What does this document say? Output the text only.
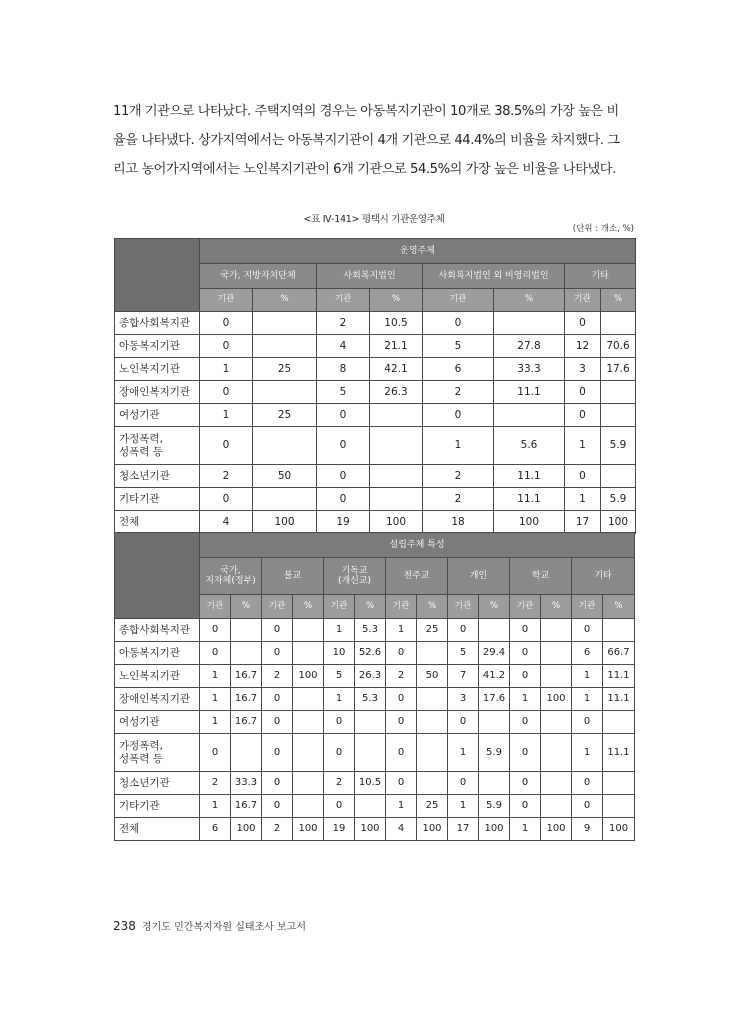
11개 기관으로 나타났다. 주택지역의 경우는 아동복지기관이 10개로 38.5%의 가장 높은 비
율을 나타냈다. 상가지역에서는 아동복지기관이 4개 기관으로 44.4%의 비율을 차지했다. 그
리고 농어가지역에서는 노인복지기관이 6개 기관으로 54.5%의 가장 높은 비율을 나타냈다.
<표 Ⅳ-141> 평택시 기관운영주체
(단위 : 개소, %)
	운영주체							
	국가, 지방자치단체		사회복지법인		사회복지법인 외 비영리법인		기타	
	기관	%	기관	%	기관	%	기관	%
종합사회복지관	0		2	10.5	0		0	
아동복지기관	0		4	21.1	5	27.8	12	70.6
노인복지기관	1	25	8	42.1	6	33.3	3	17.6
장애인복지기관	0		5	26.3	2	11.1	0	
여성기관	1	25	0		0		0	
가정폭력,
성폭력 등	0		0		1	5.6	1	5.9
청소년기관	2	50	0		2	11.1	0	
기타기관	0		0		2	11.1	1	5.9
전체	4	100	19	100	18	100	17	100
	설립주체 특성													
	국가,
지자체(정부)		불교		기독교
(개신교)		천주교		개인		학교		기타	
	기관	%	기관	%	기관	%	기관	%	기관	%	기관	%	기관	%
종합사회복지관	0		0		1	5.3	1	25	0		0		0	
아동복지기관	0		0		10	52.6	0		5	29.4	0		6	66.7
노인복지기관	1	16.7	2	100	5	26.3	2	50	7	41.2	0		1	11.1
장애인복지기관	1	16.7	0		1	5.3	0		3	17.6	1	100	1	11.1
여성기관	1	16.7	0		0		0		0		0		0	
가정폭력,
성폭력 등	0		0		0		0		1	5.9	0		1	11.1
청소년기관	2	33.3	0		2	10.5	0		0		0		0	
기타기관	1	16.7	0		0		1	25	1	5.9	0		0	
전체	6	100	2	100	19	100	4	100	17	100	1	100	9	100
238 경기도 민간복지자원 실태조사 보고서
